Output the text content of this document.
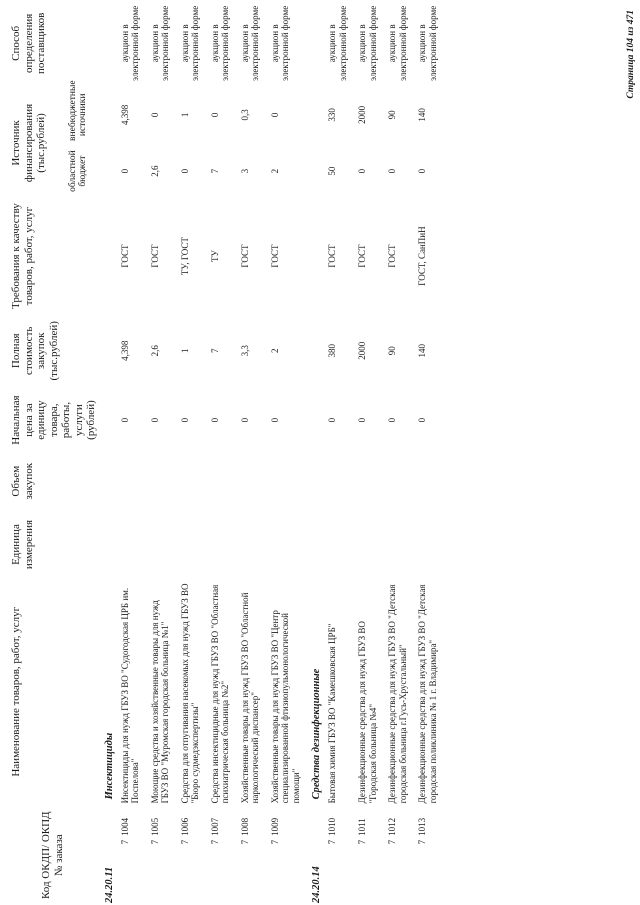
Код ОКДП/ ОКПД № заказа		Наименование товаров, работ, услуг	Единица измерения	Объем закупок	Начальная цена за единицу товара, работы, услуги (рублей)	Полная стоимость закупок (тыс.рублей)	Требования к качеству товаров, работ, услуг	Источник финансирования (тыс.рублей)		Способ определения поставщиков
								областной бюджет	внебюджетные источники	
24.20.11		Инсектициды								
7	1004	Инсектициды для нужд ГБУЗ ВО "Судогодская ЦРБ им. Поспелова"			0	4,398	ГОСТ	0	4,398	аукцион в электронной форме
7	1005	Моющие средства и хозяйственные товары для нужд ГБУЗ ВО "Муромская городская больница №1"			0	2,6	ГОСТ	2,6	0	аукцион в электронной форме
7	1006	Средства для отпугивания насекомых для нужд ГБУЗ ВО "Бюро судмедэкспертизы"			0	1	ТУ, ГОСТ	0	1	аукцион в электронной форме
7	1007	Средства инсектицидные для нужд ГБУЗ ВО "Областная психиатрическая больница №2"			0	7	ТУ	7	0	аукцион в электронной форме
7	1008	Хозяйственные товары для нужд ГБУЗ ВО "Областной наркологический диспансер"			0	3,3	ГОСТ	3	0,3	аукцион в электронной форме
7	1009	Хозяйственные товары для нужд ГБУЗ ВО "Центр специализированной фтизиопульмонологической помощи"			0	2	ГОСТ	2	0	аукцион в электронной форме
24.20.14		Средства дезинфекционные								
7	1010	Бытовая химия ГБУЗ ВО "Камешковская ЦРБ"			0	380	ГОСТ	50	330	аукцион в электронной форме
7	1011	Дезинфекционные средства для нужд ГБУЗ ВО "Городская больница №4"			0	2000	ГОСТ	0	2000	аукцион в электронной форме
7	1012	Дезинфекционные средства для нужд ГБУЗ ВО "Детская городская больница г.Гусь-Хрустальный"			0	90	ГОСТ	0	90	аукцион в электронной форме
7	1013	Дезинфекционные средства для нужд ГБУЗ ВО "Детская городская поликлиника № 1 г. Владимира"			0	140	ГОСТ, СанПиН	0	140	аукцион в электронной форме	Страница 104 из 471
